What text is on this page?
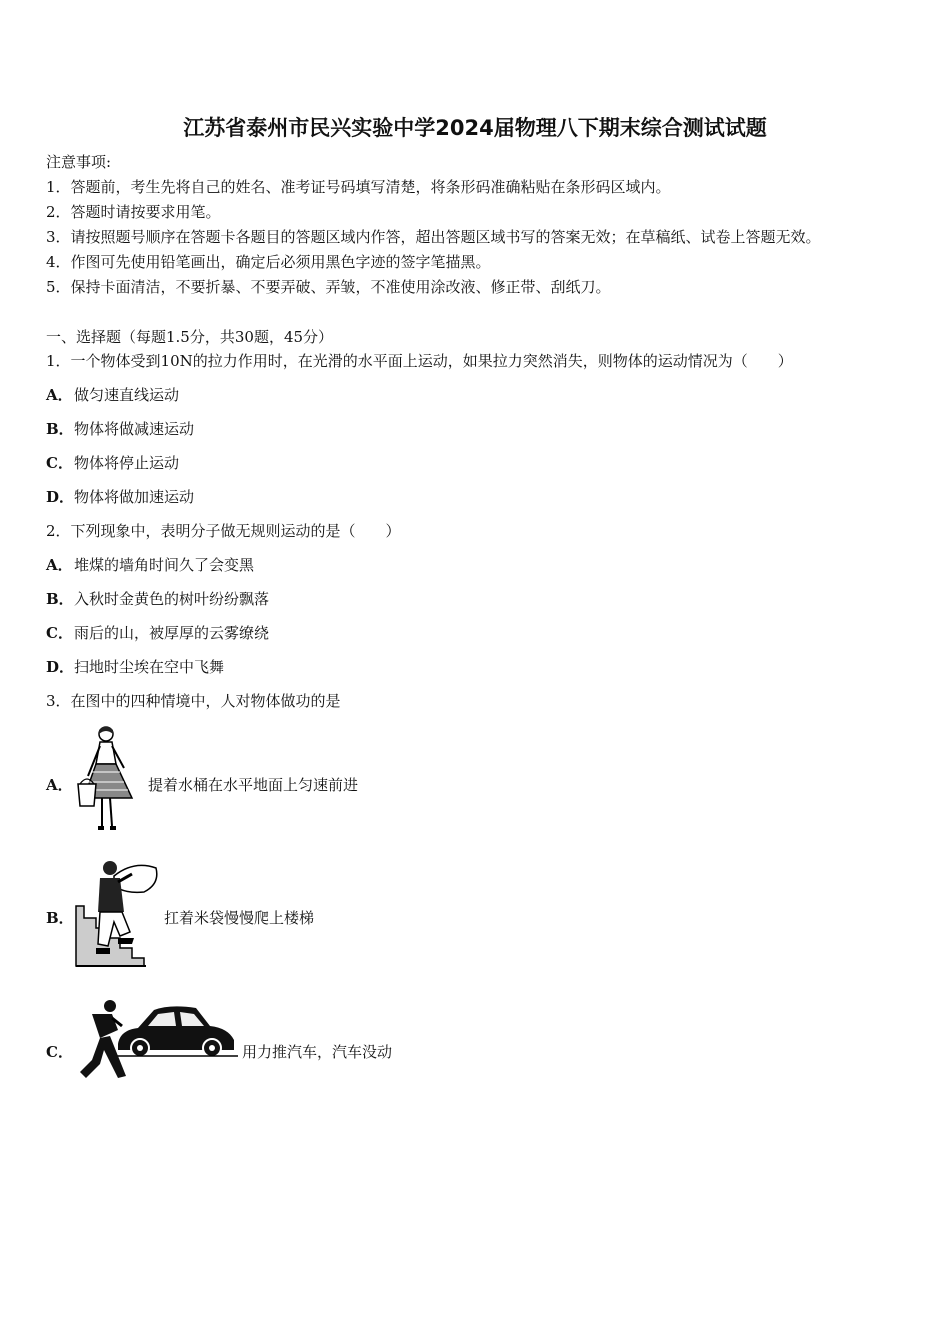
江苏省泰州市民兴实验中学2024届物理八下期末综合测试试题
注意事项:
1．答题前，考生先将自己的姓名、准考证号码填写清楚，将条形码准确粘贴在条形码区域内。
2．答题时请按要求用笔。
3．请按照题号顺序在答题卡各题目的答题区域内作答，超出答题区域书写的答案无效；在草稿纸、试卷上答题无效。
4．作图可先使用铅笔画出，确定后必须用黑色字迹的签字笔描黑。
5．保持卡面清洁，不要折暴、不要弄破、弄皱，不准使用涂改液、修正带、刮纸刀。
一、选择题（每题1.5分，共30题，45分）
1．一个物体受到10N的拉力作用时，在光滑的水平面上运动，如果拉力突然消失，则物体的运动情况为（　　）
A．做匀速直线运动
B．物体将做减速运动
C．物体将停止运动
D．物体将做加速运动
2．下列现象中，表明分子做无规则运动的是（　　）
A．堆煤的墙角时间久了会变黑
B．入秋时金黄色的树叶纷纷飘落
C．雨后的山，被厚厚的云雾缭绕
D．扫地时尘埃在空中飞舞
3．在图中的四种情境中，人对物体做功的是
A．	提着水桶在水平地面上匀速前进
B．	扛着米袋慢慢爬上楼梯
C．	用力推汽车，汽车没动
